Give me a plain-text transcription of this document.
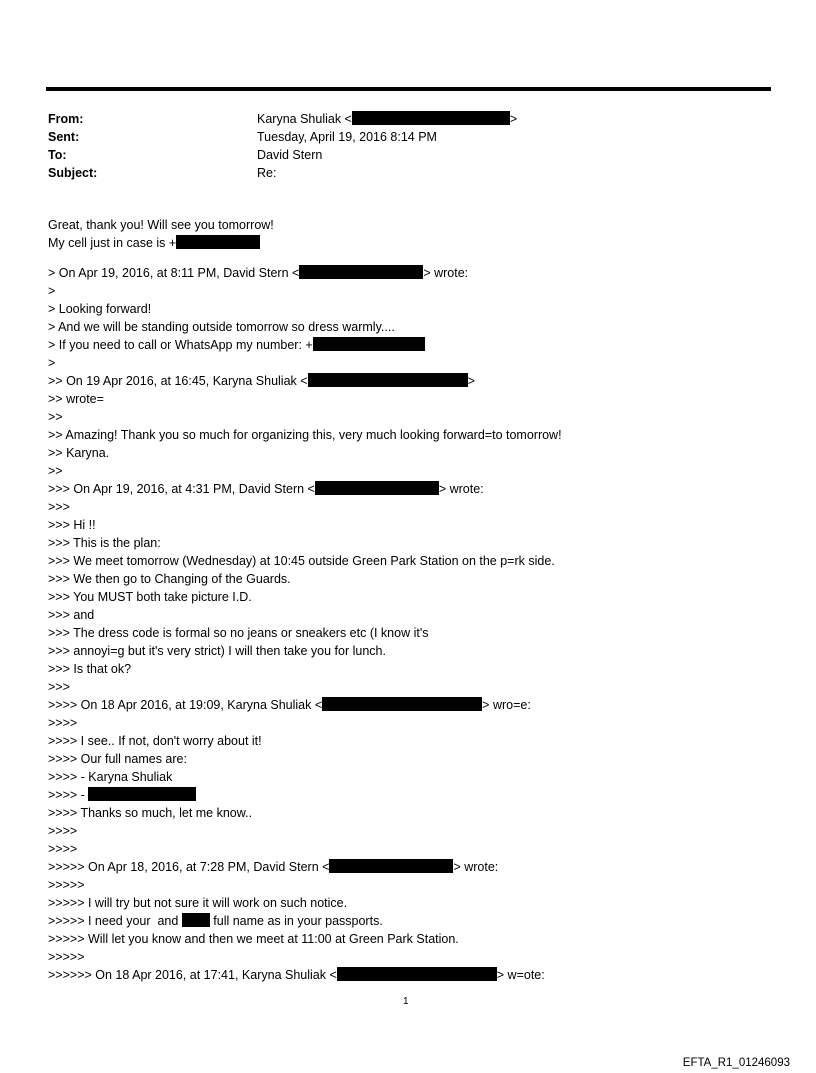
From:	Karyna Shuliak <	>
Sent:	Tuesday, April 19, 2016 8:14 PM
To:	David Stern
Subject:	Re:
Great, thank you! Will see you tomorrow!
My cell just in case is +
> On Apr 19, 2016, at 8:11 PM, David Stern <	> wrote:
>
> Looking forward!
> And we will be standing outside tomorrow so dress warmly....
> If you need to call or WhatsApp my number: +
>
>> On 19 Apr 2016, at 16:45, Karyna Shuliak <	>
>> wrote=
>>
>> Amazing! Thank you so much for organizing this, very much looking forward=to tomorrow!
>> Karyna.
>>
>>> On Apr 19, 2016, at 4:31 PM, David Stern <	> wrote:
>>>
>>> Hi !!
>>> This is the plan:
>>> We meet tomorrow (Wednesday) at 10:45 outside Green Park Station on the p=rk side.
>>> We then go to Changing of the Guards.
>>> You MUST both take picture I.D.
>>> and
>>> The dress code is formal so no jeans or sneakers etc (I know it's
>>> annoyi=g but it's very strict) I will then take you for lunch.
>>> Is that ok?
>>>
>>>> On 18 Apr 2016, at 19:09, Karyna Shuliak <	> wro=e:
>>>>
>>>> I see.. If not, don't worry about it!
>>>> Our full names are:
>>>> - Karyna Shuliak
>>>> -
>>>> Thanks so much, let me know..
>>>>
>>>>
>>>>> On Apr 18, 2016, at 7:28 PM, David Stern <	> wrote:
>>>>>
>>>>> I will try but not sure it will work on such notice.
>>>>> I need your  and  full name as in your passports.
>>>>> Will let you know and then we meet at 11:00 at Green Park Station.
>>>>>
>>>>>> On 18 Apr 2016, at 17:41, Karyna Shuliak <	> w=ote:
1
EFTA_R1_01246093
